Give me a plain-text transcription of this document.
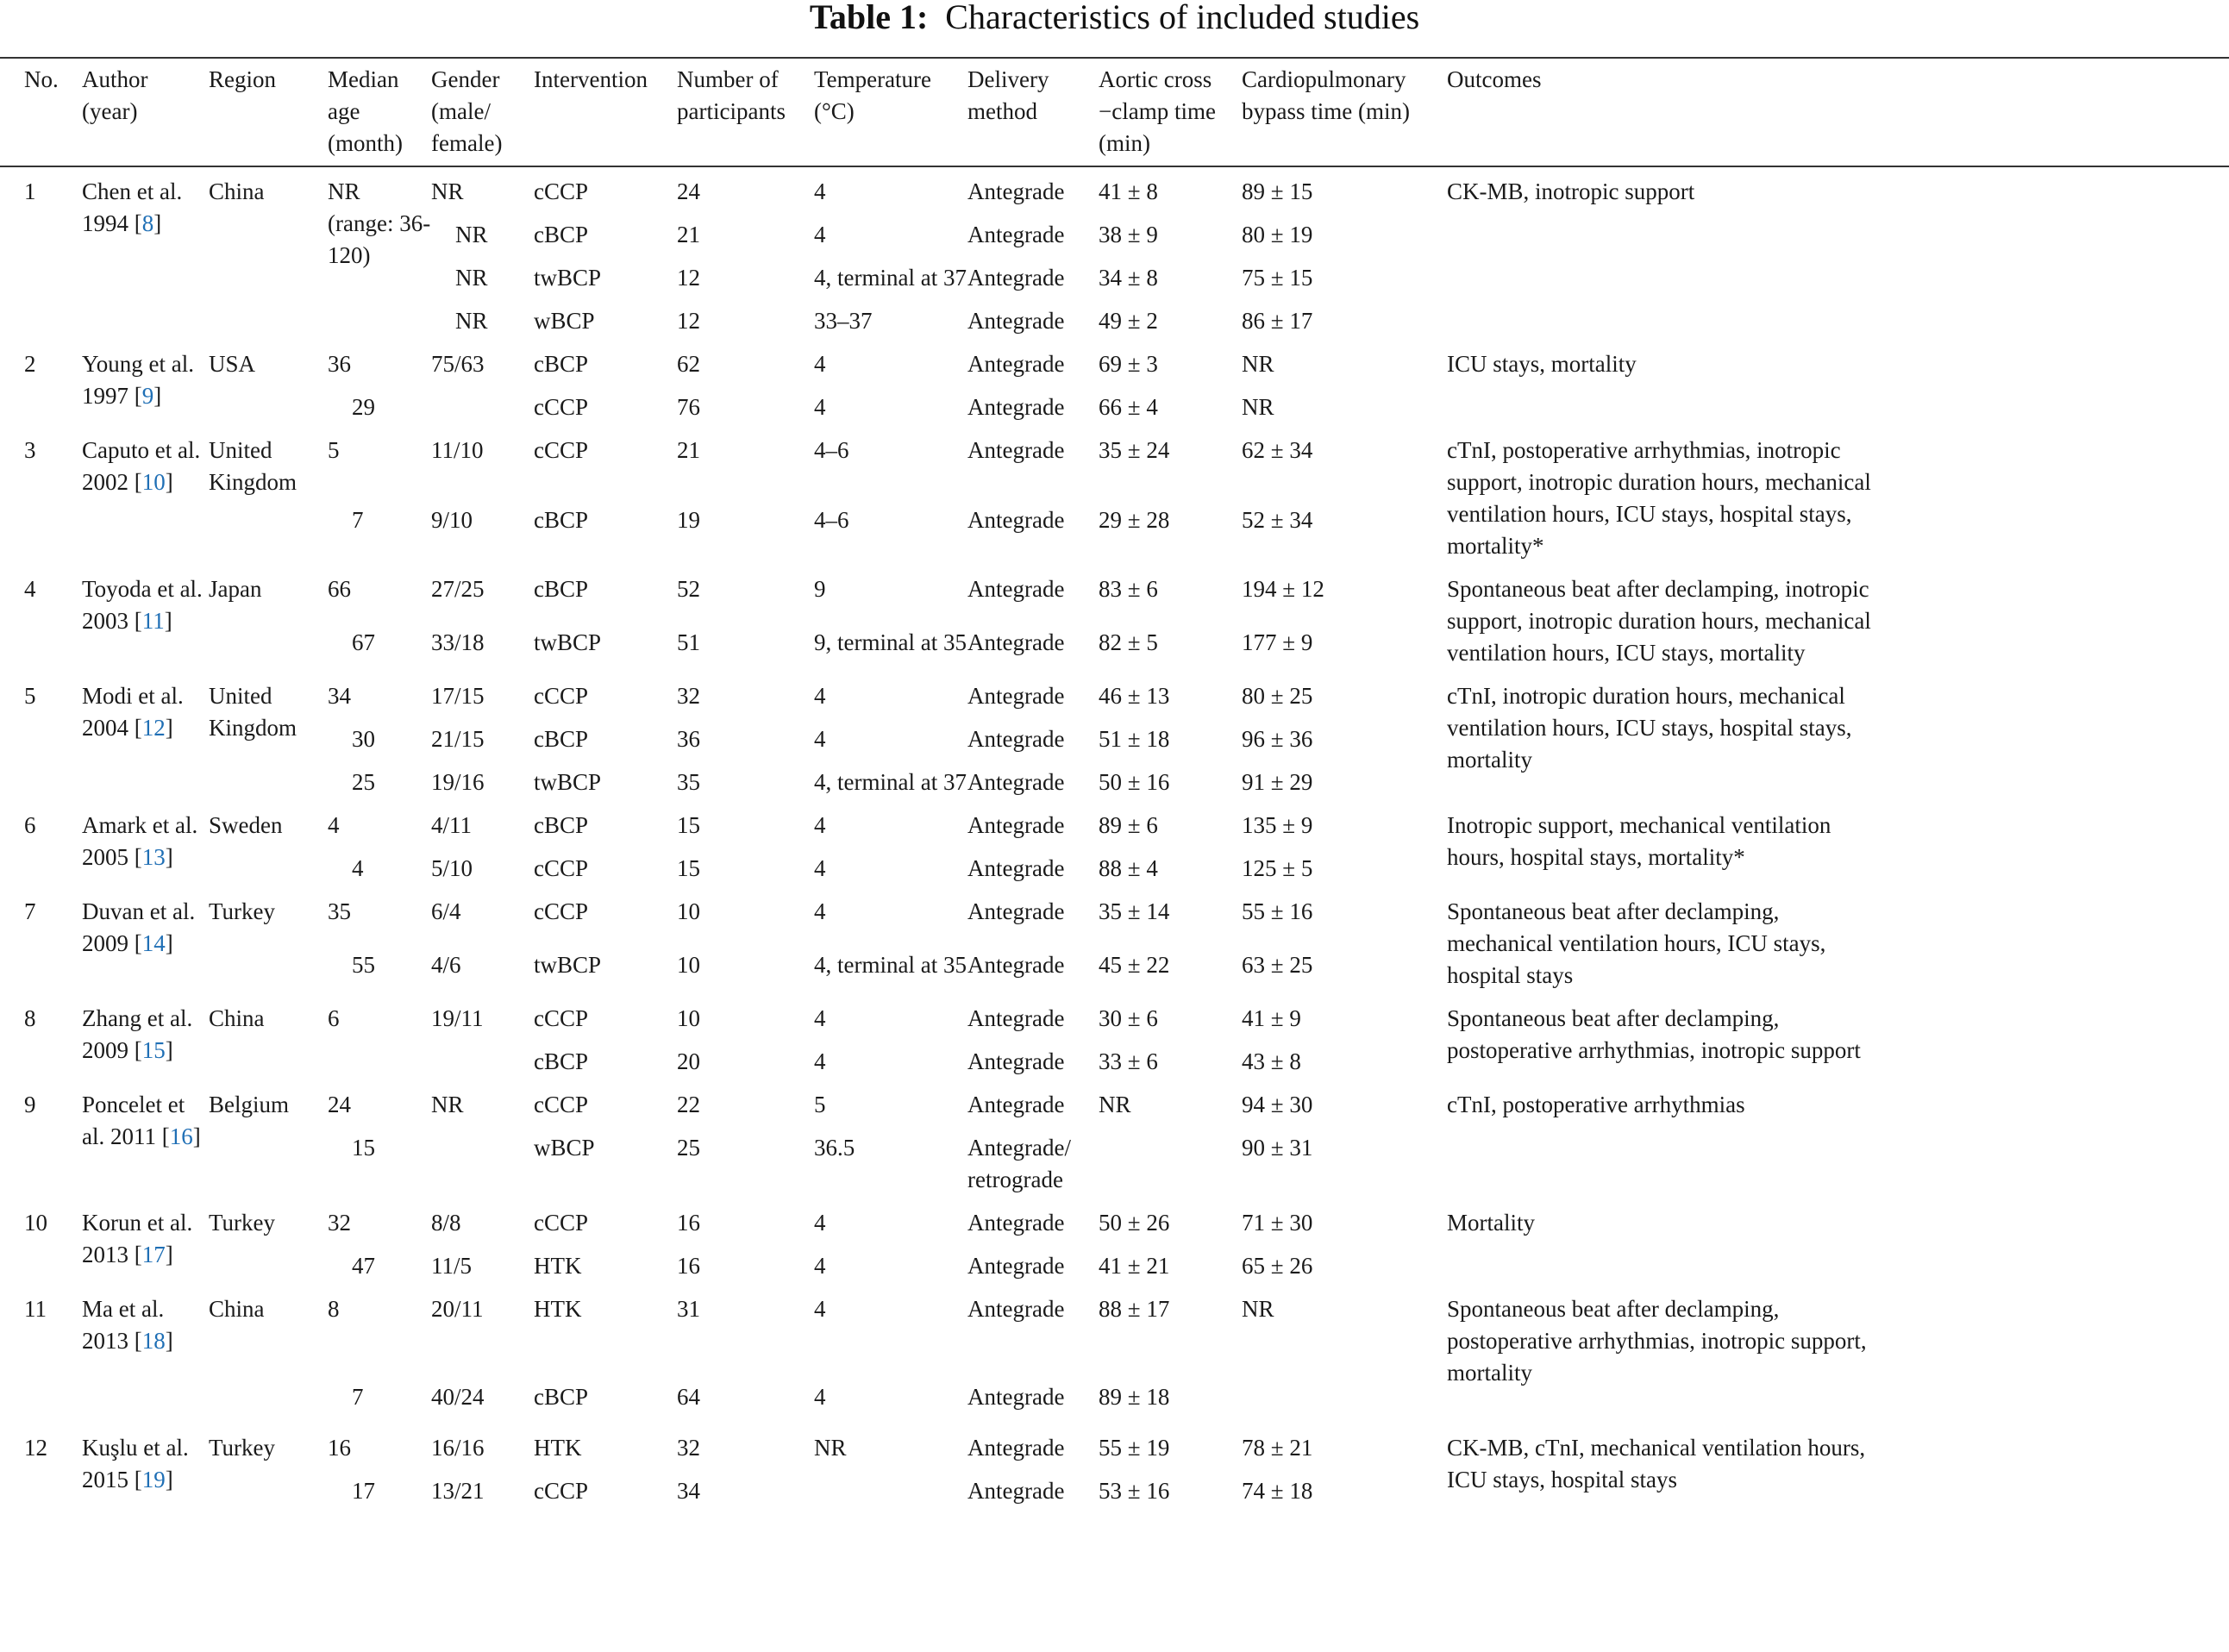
Table 1: Characteristics of included studies
No.	Author (year)	Region	Median age (month)	Gender (male/ female)	Intervention	Number of participants	Temperature (°C)	Delivery method	Aortic cross −clamp time (min)	Cardiopulmonary bypass time (min)	Outcomes
1	Chen et al. 1994 [8]	China	NR (range: 36-120)	NR	cCCP	24	4	Antegrade	41 ± 8	89 ± 15	CK-MB, inotropic support
				NR	cBCP	21	4	Antegrade	38 ± 9	80 ± 19	
				NR	twBCP	12	4, terminal at 37	Antegrade	34 ± 8	75 ± 15	
				NR	wBCP	12	33–37	Antegrade	49 ± 2	86 ± 17	
2	Young et al. 1997 [9]	USA	36	75/63	cBCP	62	4	Antegrade	69 ± 3	NR	ICU stays, mortality
			29		cCCP	76	4	Antegrade	66 ± 4	NR	
3	Caputo et al. 2002 [10]	United Kingdom	5	11/10	cCCP	21	4–6	Antegrade	35 ± 24	62 ± 34	cTnI, postoperative arrhythmias, inotropic support, inotropic duration hours, mechanical ventilation hours, ICU stays, hospital stays, mortality*
			7	9/10	cBCP	19	4–6	Antegrade	29 ± 28	52 ± 34	
4	Toyoda et al. 2003 [11]	Japan	66	27/25	cBCP	52	9	Antegrade	83 ± 6	194 ± 12	Spontaneous beat after declamping, inotropic support, inotropic duration hours, mechanical ventilation hours, ICU stays, mortality
			67	33/18	twBCP	51	9, terminal at 35	Antegrade	82 ± 5	177 ± 9	
5	Modi et al. 2004 [12]	United Kingdom	34	17/15	cCCP	32	4	Antegrade	46 ± 13	80 ± 25	cTnI, inotropic duration hours, mechanical ventilation hours, ICU stays, hospital stays, mortality
			30	21/15	cBCP	36	4	Antegrade	51 ± 18	96 ± 36	
			25	19/16	twBCP	35	4, terminal at 37	Antegrade	50 ± 16	91 ± 29	
6	Amark et al. 2005 [13]	Sweden	4	4/11	cBCP	15	4	Antegrade	89 ± 6	135 ± 9	Inotropic support, mechanical ventilation hours, hospital stays, mortality*
			4	5/10	cCCP	15	4	Antegrade	88 ± 4	125 ± 5	
7	Duvan et al. 2009 [14]	Turkey	35	6/4	cCCP	10	4	Antegrade	35 ± 14	55 ± 16	Spontaneous beat after declamping, mechanical ventilation hours, ICU stays, hospital stays
			55	4/6	twBCP	10	4, terminal at 35	Antegrade	45 ± 22	63 ± 25	
8	Zhang et al. 2009 [15]	China	6	19/11	cCCP	10	4	Antegrade	30 ± 6	41 ± 9	Spontaneous beat after declamping, postoperative arrhythmias, inotropic support
					cBCP	20	4	Antegrade	33 ± 6	43 ± 8	
9	Poncelet et al. 2011 [16]	Belgium	24	NR	cCCP	22	5	Antegrade	NR	94 ± 30	cTnI, postoperative arrhythmias
			15		wBCP	25	36.5	Antegrade/ retrograde		90 ± 31	
10	Korun et al. 2013 [17]	Turkey	32	8/8	cCCP	16	4	Antegrade	50 ± 26	71 ± 30	Mortality
			47	11/5	HTK	16	4	Antegrade	41 ± 21	65 ± 26	
11	Ma et al. 2013 [18]	China	8	20/11	HTK	31	4	Antegrade	88 ± 17	NR	Spontaneous beat after declamping, postoperative arrhythmias, inotropic support, mortality
			7	40/24	cBCP	64	4	Antegrade	89 ± 18		
12	Kuşlu et al. 2015 [19]	Turkey	16	16/16	HTK	32	NR	Antegrade	55 ± 19	78 ± 21	CK-MB, cTnI, mechanical ventilation hours, ICU stays, hospital stays
			17	13/21	cCCP	34		Antegrade	53 ± 16	74 ± 18	
